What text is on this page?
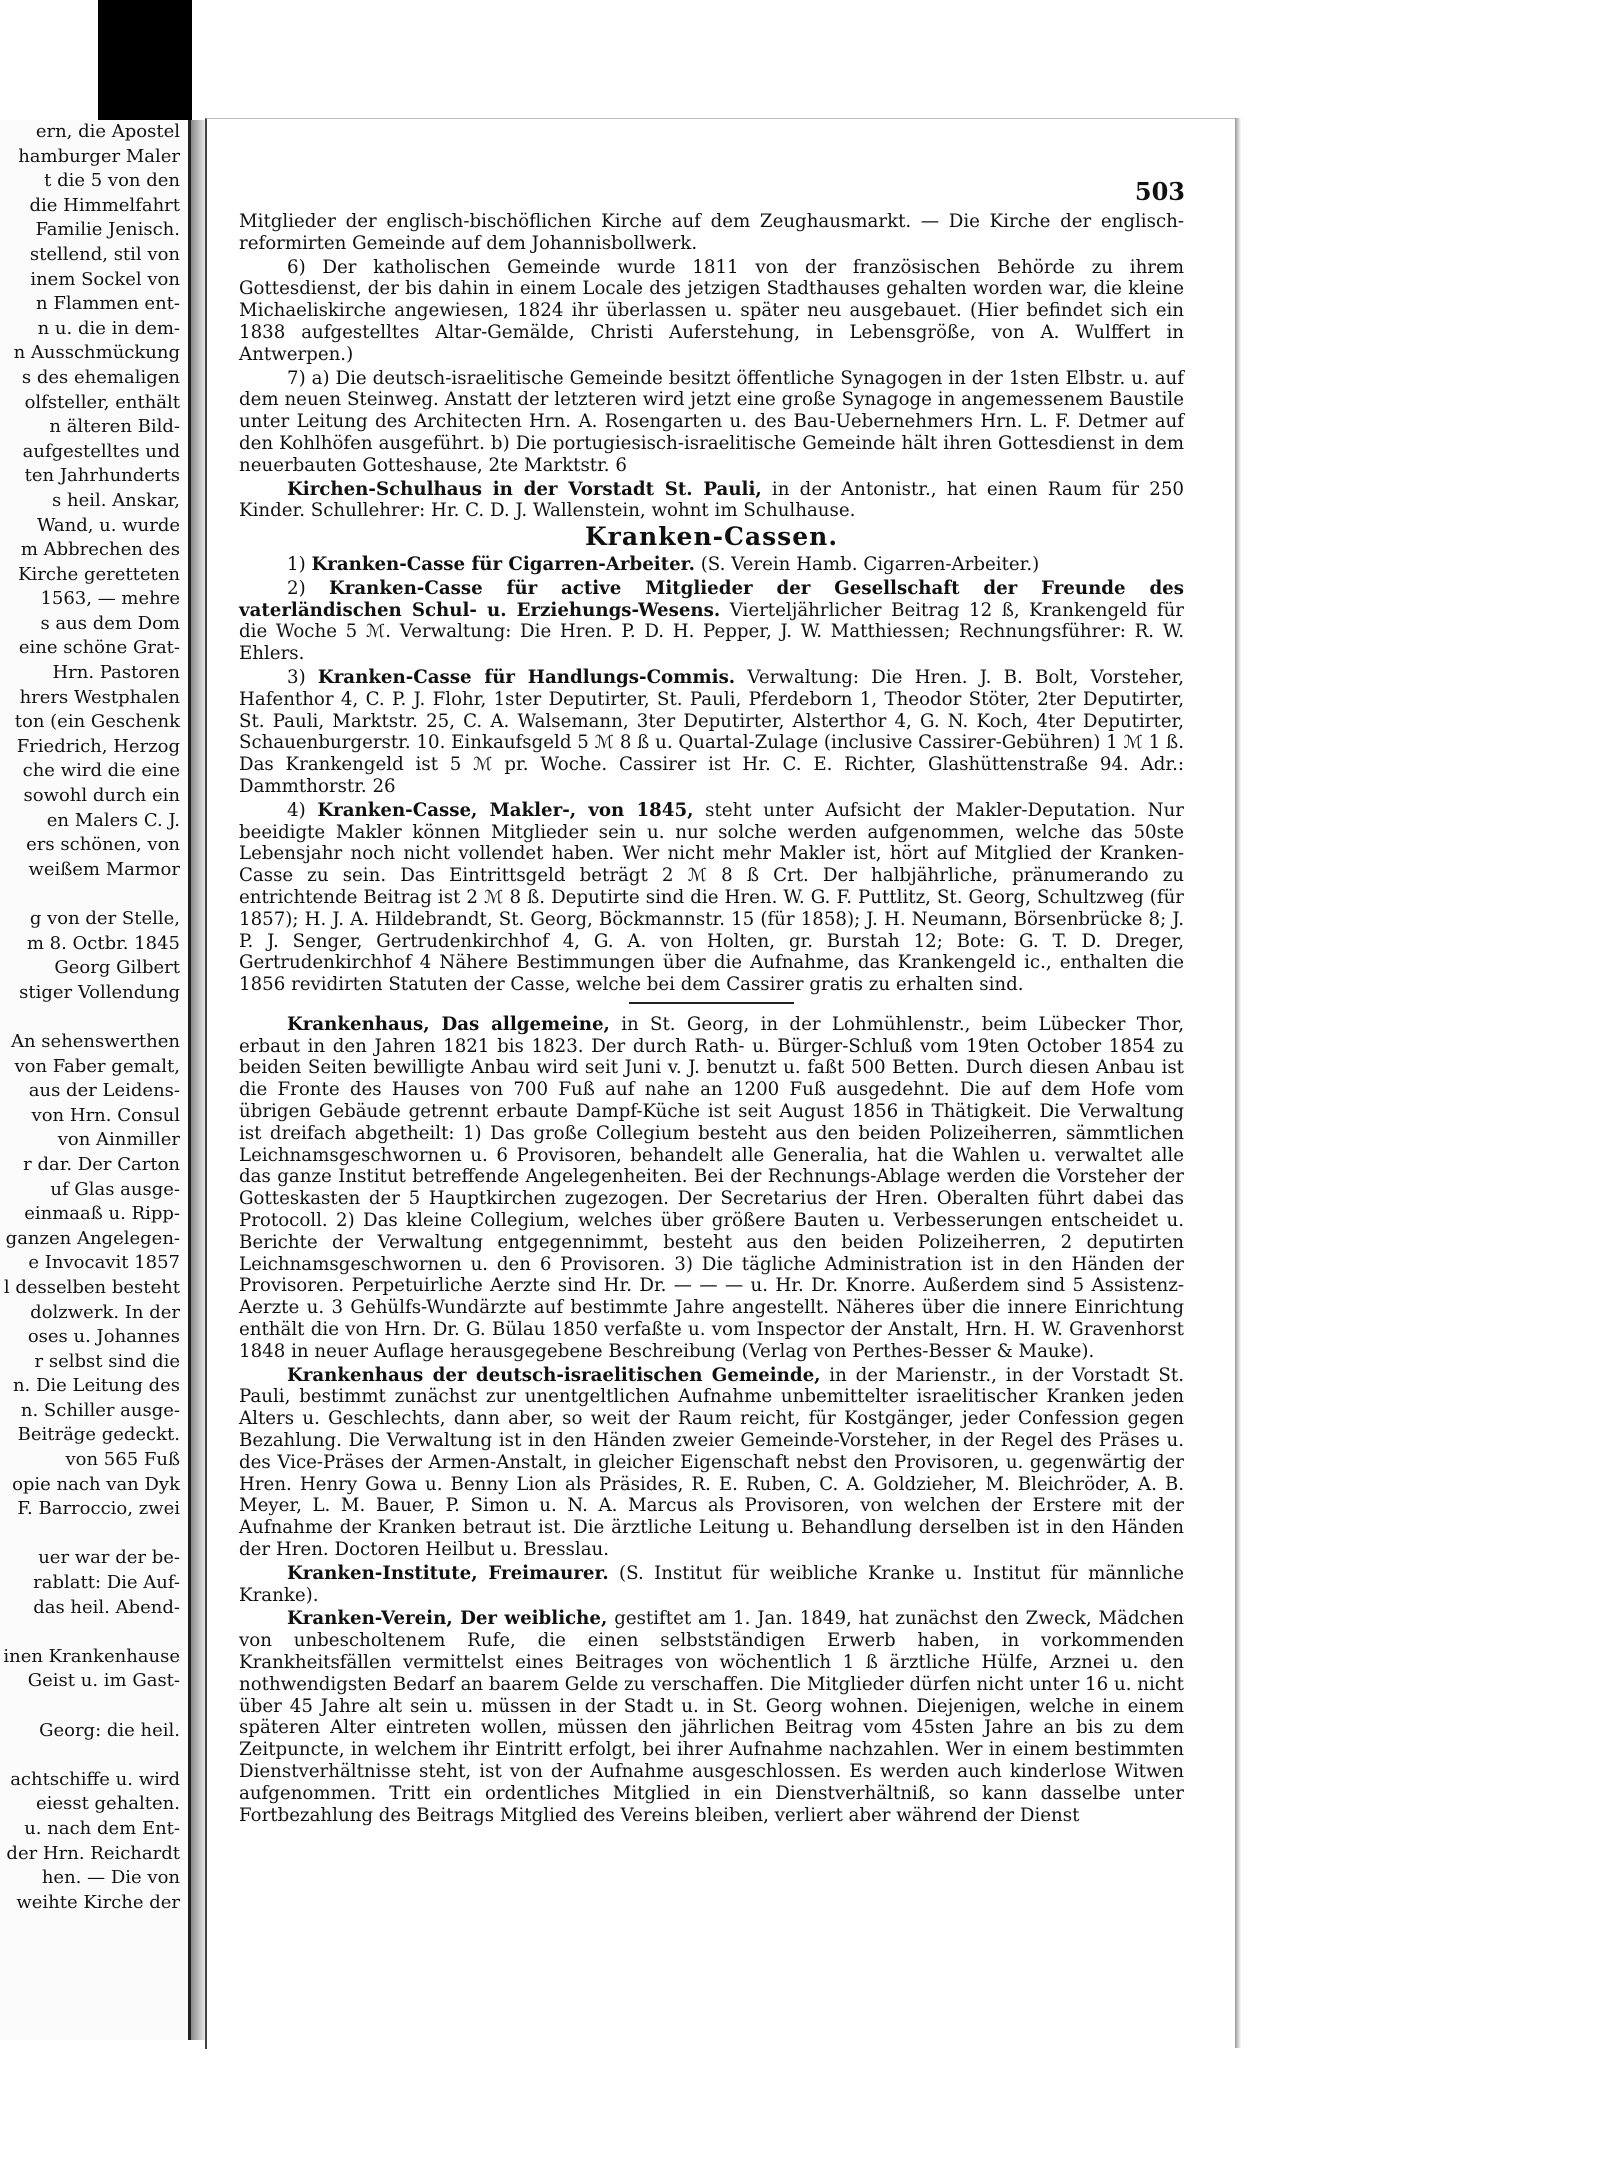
ern, die Apostel
hamburger Maler
t die 5 von den
die Himmelfahrt
Familie Jenisch.
stellend, stil von
inem Sockel von
n Flammen ent-
n u. die in dem-
n Ausschmückung
s des ehemaligen
olfsteller, enthält
n älteren Bild-
aufgestelltes und
ten Jahrhunderts
s heil. Anskar,
Wand, u. wurde
m Abbrechen des
Kirche geretteten
1563, — mehre
s aus dem Dom
eine schöne Grat-
Hrn. Pastoren
hrers Westphalen
ton (ein Geschenk
Friedrich, Herzog
che wird die eine
sowohl durch ein
en Malers C. J.
ers schönen, von
weißem Marmor

g von der Stelle,
m 8. Octbr. 1845
Georg Gilbert
stiger Vollendung

An sehenswerthen
von Faber gemalt,
aus der Leidens-
von Hrn. Consul
von Ainmiller
r dar. Der Carton
uf Glas ausge-
einmaaß u. Ripp-
ganzen Angelegen-
e Invocavit 1857
l desselben besteht
dolzwerk. In der
oses u. Johannes
r selbst sind die
n. Die Leitung des
n. Schiller ausge-
Beiträge gedeckt.
von 565 Fuß
opie nach van Dyk
F. Barroccio, zwei

uer war der be-
rablatt: Die Auf-
das heil. Abend-

inen Krankenhause
Geist u. im Gast-

Georg: die heil.

achtschiffe u. wird
eiesst gehalten.
u. nach dem Ent-
der Hrn. Reichardt
hen. — Die von
weihte Kirche der
503

Mitglieder der englisch-bischöflichen Kirche auf dem Zeughausmarkt. — Die Kirche der englisch-reformirten Gemeinde auf dem Johannisbollwerk.

6) Der katholischen Gemeinde wurde 1811 von der französischen Behörde zu ihrem Gottesdienst, der bis dahin in einem Locale des jetzigen Stadthauses gehalten worden war, die kleine Michaeliskirche angewiesen, 1824 ihr überlassen u. später neu ausgebauet. (Hier befindet sich ein 1838 aufgestelltes Altar-Gemälde, Christi Auferstehung, in Lebensgröße, von A. Wulffert in Antwerpen.)

7) a) Die deutsch-israelitische Gemeinde besitzt öffentliche Synagogen in der 1sten Elbstr. u. auf dem neuen Steinweg. Anstatt der letzteren wird jetzt eine große Synagoge in angemessenem Baustile unter Leitung des Architecten Hrn. A. Rosengarten u. des Bau-Uebernehmers Hrn. L. F. Detmer auf den Kohlhöfen ausgeführt. b) Die portugiesisch-israelitische Gemeinde hält ihren Gottesdienst in dem neuerbauten Gotteshause, 2te Marktstr. 6

Kirchen-Schulhaus in der Vorstadt St. Pauli, in der Antonistr., hat einen Raum für 250 Kinder. Schullehrer: Hr. C. D. J. Wallenstein, wohnt im Schulhause.

Kranken-Cassen.

1) Kranken-Casse für Cigarren-Arbeiter. (S. Verein Hamb. Cigarren-Arbeiter.)

2) Kranken-Casse für active Mitglieder der Gesellschaft der Freunde des vaterländischen Schul- u. Erziehungs-Wesens. Vierteljährlicher Beitrag 12 ß, Krankengeld für die Woche 5 ℳ. Verwaltung: Die Hren. P. D. H. Pepper, J. W. Matthiessen; Rechnungsführer: R. W. Ehlers.

3) Kranken-Casse für Handlungs-Commis. Verwaltung: Die Hren. J. B. Bolt, Vorsteher, Hafenthor 4, C. P. J. Flohr, 1ster Deputirter, St. Pauli, Pferdeborn 1, Theodor Stöter, 2ter Deputirter, St. Pauli, Marktstr. 25, C. A. Walsemann, 3ter Deputirter, Alsterthor 4, G. N. Koch, 4ter Deputirter, Schauenburgerstr. 10. Einkaufsgeld 5 ℳ 8 ß u. Quartal-Zulage (inclusive Cassirer-Gebühren) 1 ℳ 1 ß. Das Krankengeld ist 5 ℳ pr. Woche. Cassirer ist Hr. C. E. Richter, Glashüttenstraße 94. Adr.: Dammthorstr. 26

4) Kranken-Casse, Makler-, von 1845, steht unter Aufsicht der Makler-Deputation. Nur beeidigte Makler können Mitglieder sein u. nur solche werden aufgenommen, welche das 50ste Lebensjahr noch nicht vollendet haben. Wer nicht mehr Makler ist, hört auf Mitglied der Kranken-Casse zu sein. Das Eintrittsgeld beträgt 2 ℳ 8 ß Crt. Der halbjährliche, pränumerando zu entrichtende Beitrag ist 2 ℳ 8 ß. Deputirte sind die Hren. W. G. F. Puttlitz, St. Georg, Schultzweg (für 1857); H. J. A. Hildebrandt, St. Georg, Böckmannstr. 15 (für 1858); J. H. Neumann, Börsenbrücke 8; J. P. J. Senger, Gertrudenkirchhof 4, G. A. von Holten, gr. Burstah 12; Bote: G. T. D. Dreger, Gertrudenkirchhof 4 Nähere Bestimmungen über die Aufnahme, das Krankengeld ic., enthalten die 1856 revidirten Statuten der Casse, welche bei dem Cassirer gratis zu erhalten sind.

Krankenhaus, Das allgemeine, in St. Georg, in der Lohmühlenstr., beim Lübecker Thor, erbaut in den Jahren 1821 bis 1823. Der durch Rath- u. Bürger-Schluß vom 19ten October 1854 zu beiden Seiten bewilligte Anbau wird seit Juni v. J. benutzt u. faßt 500 Betten. Durch diesen Anbau ist die Fronte des Hauses von 700 Fuß auf nahe an 1200 Fuß ausgedehnt. Die auf dem Hofe vom übrigen Gebäude getrennt erbaute Dampf-Küche ist seit August 1856 in Thätigkeit. Die Verwaltung ist dreifach abgetheilt: 1) Das große Collegium besteht aus den beiden Polizeiherren, sämmtlichen Leichnamsgeschwornen u. 6 Provisoren, behandelt alle Generalia, hat die Wahlen u. verwaltet alle das ganze Institut betreffende Angelegenheiten. Bei der Rechnungs-Ablage werden die Vorsteher der Gotteskasten der 5 Hauptkirchen zugezogen. Der Secretarius der Hren. Oberalten führt dabei das Protocoll. 2) Das kleine Collegium, welches über größere Bauten u. Verbesserungen entscheidet u. Berichte der Verwaltung entgegennimmt, besteht aus den beiden Polizeiherren, 2 deputirten Leichnamsgeschwornen u. den 6 Provisoren. 3) Die tägliche Administration ist in den Händen der Provisoren. Perpetuirliche Aerzte sind Hr. Dr. — — — u. Hr. Dr. Knorre. Außerdem sind 5 Assistenz-Aerzte u. 3 Gehülfs-Wundärzte auf bestimmte Jahre angestellt. Näheres über die innere Einrichtung enthält die von Hrn. Dr. G. Bülau 1850 verfaßte u. vom Inspector der Anstalt, Hrn. H. W. Gravenhorst 1848 in neuer Auflage herausgegebene Beschreibung (Verlag von Perthes-Besser & Mauke).

Krankenhaus der deutsch-israelitischen Gemeinde, in der Marienstr., in der Vorstadt St. Pauli, bestimmt zunächst zur unentgeltlichen Aufnahme unbemittelter israelitischer Kranken jeden Alters u. Geschlechts, dann aber, so weit der Raum reicht, für Kostgänger, jeder Confession gegen Bezahlung. Die Verwaltung ist in den Händen zweier Gemeinde-Vorsteher, in der Regel des Präses u. des Vice-Präses der Armen-Anstalt, in gleicher Eigenschaft nebst den Provisoren, u. gegenwärtig der Hren. Henry Gowa u. Benny Lion als Präsides, R. E. Ruben, C. A. Goldzieher, M. Bleichröder, A. B. Meyer, L. M. Bauer, P. Simon u. N. A. Marcus als Provisoren, von welchen der Erstere mit der Aufnahme der Kranken betraut ist. Die ärztliche Leitung u. Behandlung derselben ist in den Händen der Hren. Doctoren Heilbut u. Bresslau.

Kranken-Institute, Freimaurer. (S. Institut für weibliche Kranke u. Institut für männliche Kranke).

Kranken-Verein, Der weibliche, gestiftet am 1. Jan. 1849, hat zunächst den Zweck, Mädchen von unbescholtenem Rufe, die einen selbstständigen Erwerb haben, in vorkommenden Krankheitsfällen vermittelst eines Beitrages von wöchentlich 1 ß ärztliche Hülfe, Arznei u. den nothwendigsten Bedarf an baarem Gelde zu verschaffen. Die Mitglieder dürfen nicht unter 16 u. nicht über 45 Jahre alt sein u. müssen in der Stadt u. in St. Georg wohnen. Diejenigen, welche in einem späteren Alter eintreten wollen, müssen den jährlichen Beitrag vom 45sten Jahre an bis zu dem Zeitpuncte, in welchem ihr Eintritt erfolgt, bei ihrer Aufnahme nachzahlen. Wer in einem bestimmten Dienstverhältnisse steht, ist von der Aufnahme ausgeschlossen. Es werden auch kinderlose Witwen aufgenommen. Tritt ein ordentliches Mitglied in ein Dienstverhältniß, so kann dasselbe unter Fortbezahlung des Beitrags Mitglied des Vereins bleiben, verliert aber während der Dienst
